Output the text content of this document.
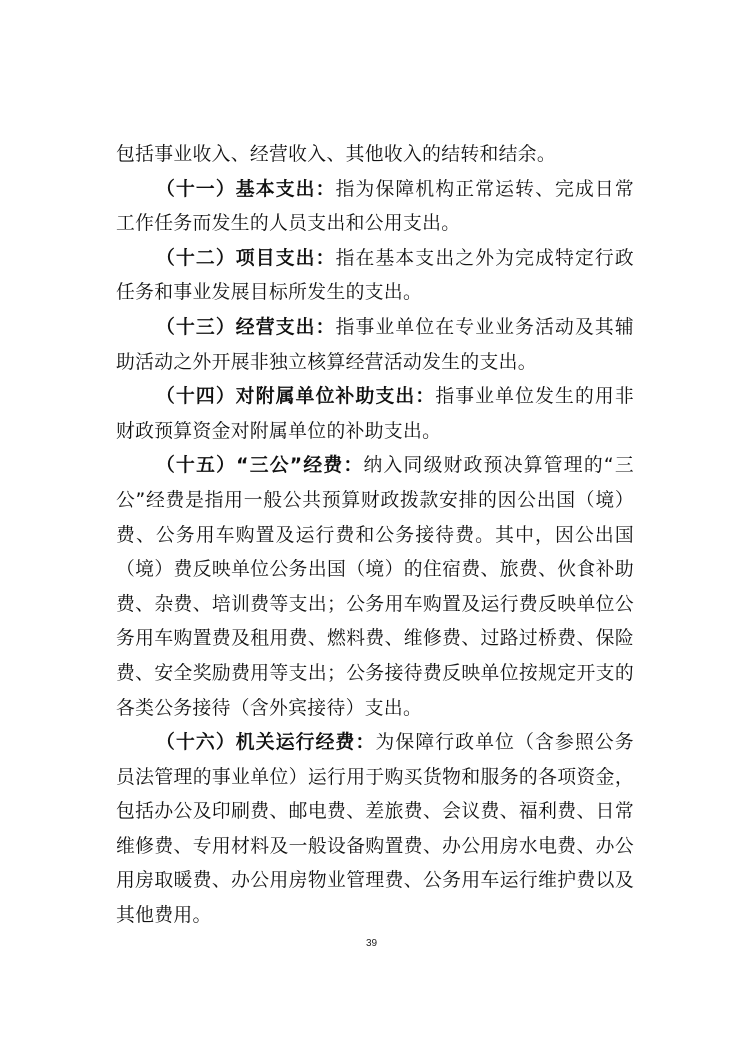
包括事业收入、经营收入、其他收入的结转和结余。

（十一）基本支出：指为保障机构正常运转、完成日常工作任务而发生的人员支出和公用支出。

（十二）项目支出：指在基本支出之外为完成特定行政任务和事业发展目标所发生的支出。

（十三）经营支出：指事业单位在专业业务活动及其辅助活动之外开展非独立核算经营活动发生的支出。

（十四）对附属单位补助支出：指事业单位发生的用非财政预算资金对附属单位的补助支出。

（十五）“三公”经费：纳入同级财政预决算管理的“三公”经费是指用一般公共预算财政拨款安排的因公出国（境）费、公务用车购置及运行费和公务接待费。其中，因公出国（境）费反映单位公务出国（境）的住宿费、旅费、伙食补助费、杂费、培训费等支出；公务用车购置及运行费反映单位公务用车购置费及租用费、燃料费、维修费、过路过桥费、保险费、安全奖励费用等支出；公务接待费反映单位按规定开支的各类公务接待（含外宾接待）支出。

（十六）机关运行经费：为保障行政单位（含参照公务员法管理的事业单位）运行用于购买货物和服务的各项资金，包括办公及印刷费、邮电费、差旅费、会议费、福利费、日常维修费、专用材料及一般设备购置费、办公用房水电费、办公用房取暖费、办公用房物业管理费、公务用车运行维护费以及其他费用。

39
